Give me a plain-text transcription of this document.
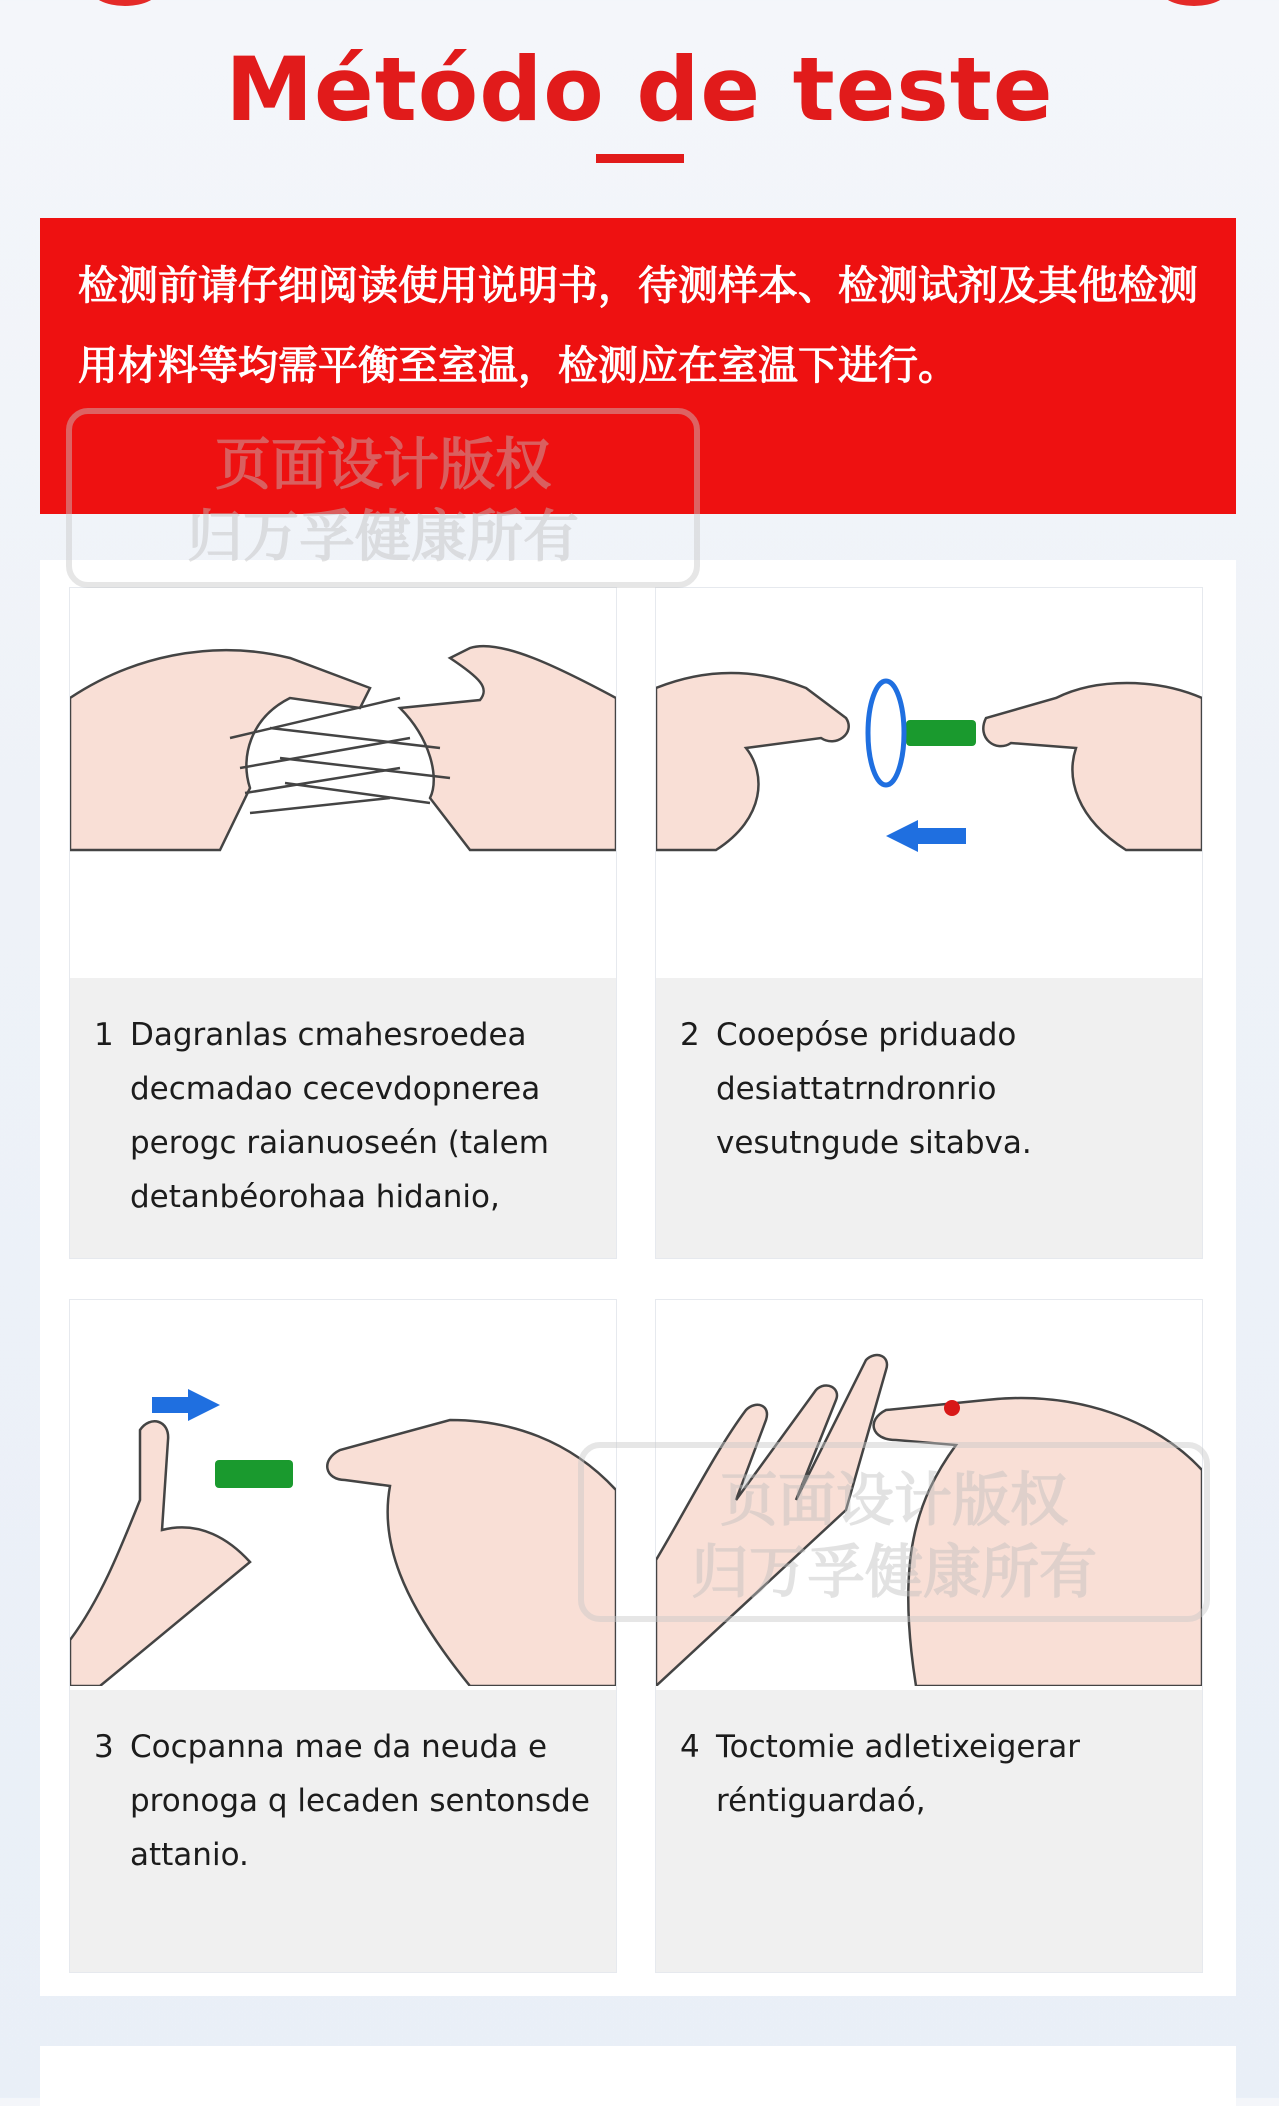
Métódo de teste
检测前请仔细阅读使用说明书，待测样本、检测试剂及其他检测用材料等均需平衡至室温，检测应在室温下进行。
1 Dagranlas cmahesroedea decmadao cecevdopnerea perogc raianuoseén (talem detanbéorohaa hidanio,
2 Cooepóse priduado desiattatrndronrio vesutngude sitabva.
3 Cocpanna mae da neuda e pronoga q lecaden sentonsde attanio.
4 Toctomie adletixeigerar réntiguardaó,
页面设计版权
归万孚健康所有
页面设计版权
归万孚健康所有
